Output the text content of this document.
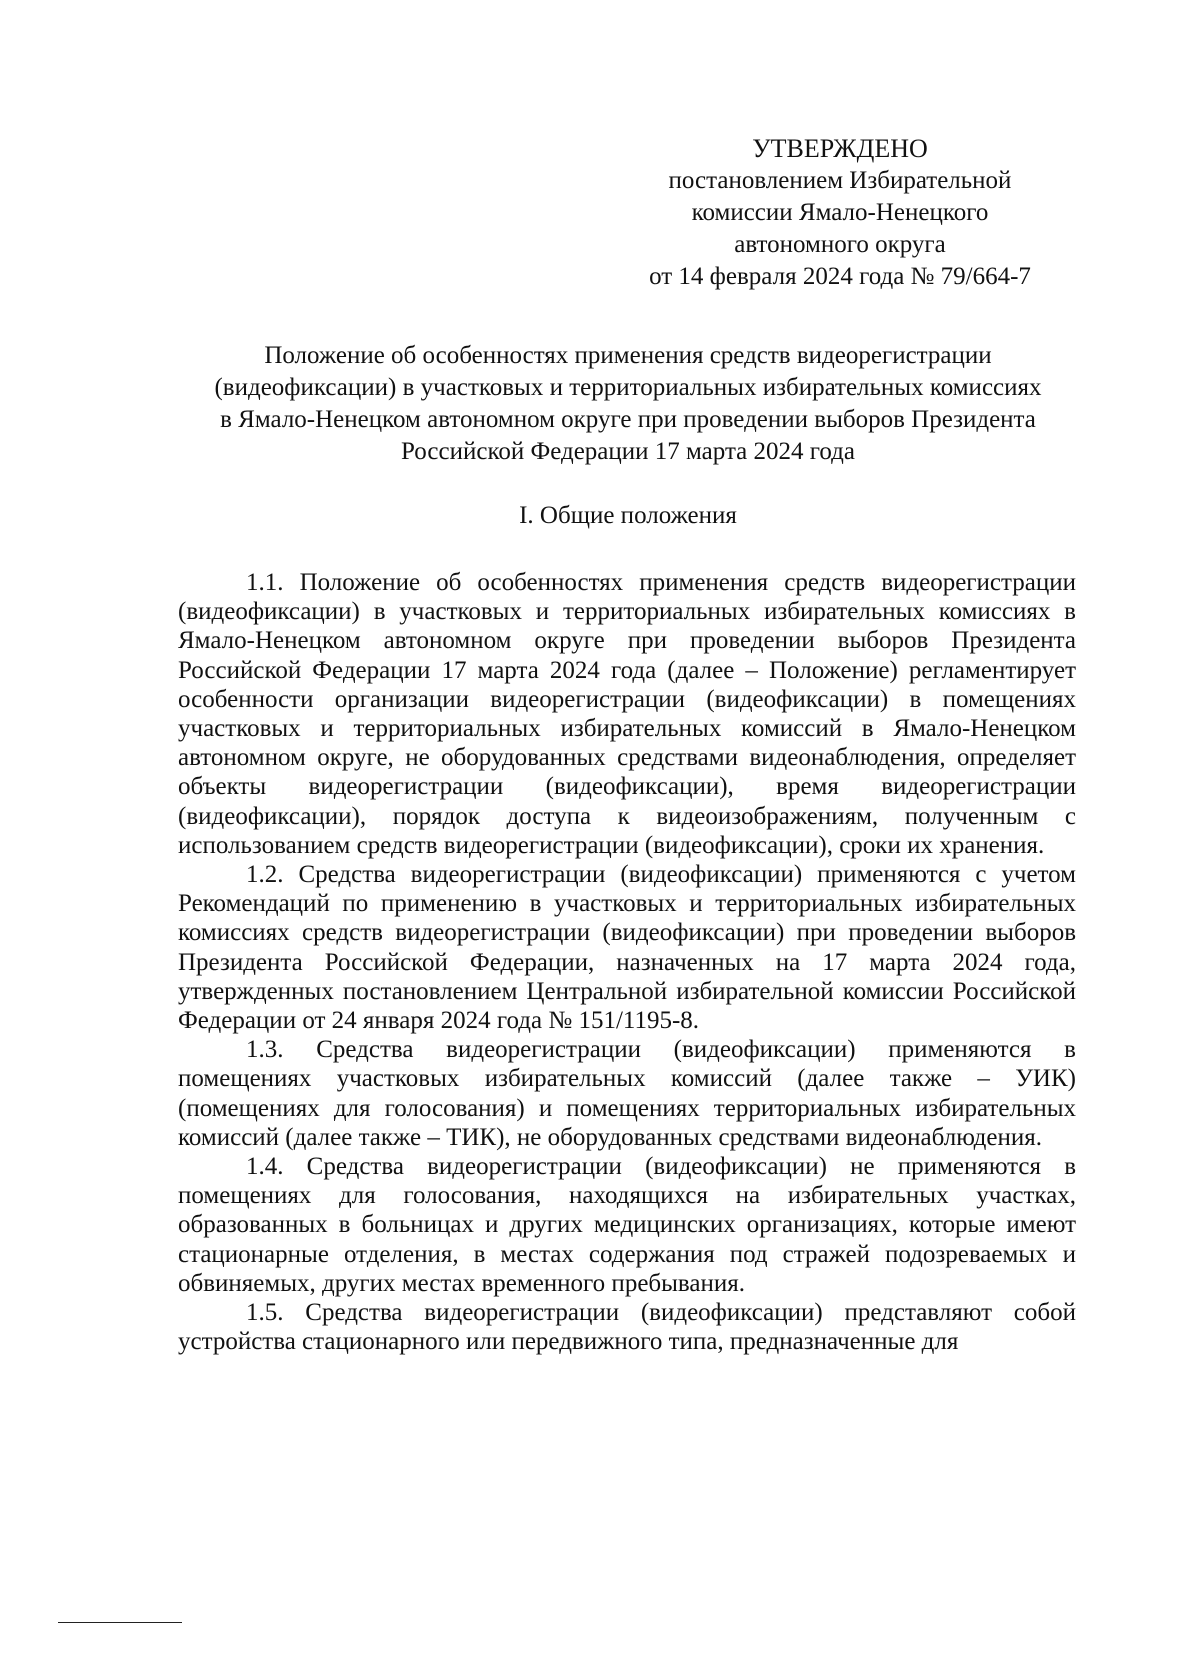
УТВЕРЖДЕНО
постановлением Избирательной
комиссии Ямало-Ненецкого
автономного округа
от 14 февраля 2024 года № 79/664-7
Положение об особенностях применения средств видеорегистрации
(видеофиксации) в участковых и территориальных избирательных комиссиях
в Ямало-Ненецком автономном округе при проведении выборов Президента
Российской Федерации 17 марта 2024 года
I. Общие положения

1.1. Положение об особенностях применения средств видеорегистрации (видеофиксации) в участковых и территориальных избирательных комиссиях в Ямало-Ненецком автономном округе при проведении выборов Президента Российской Федерации 17 марта 2024 года (далее – Положение) регламентирует особенности организации видеорегистрации (видеофиксации) в помещениях участковых и территориальных избирательных комиссий в Ямало-Ненецком автономном округе, не оборудованных средствами видеонаблюдения, определяет объекты видеорегистрации (видеофиксации), время видеорегистрации (видеофиксации), порядок доступа к видеоизображениям, полученным с использованием средств видеорегистрации (видеофиксации), сроки их хранения.

1.2. Средства видеорегистрации (видеофиксации) применяются с учетом Рекомендаций по применению в участковых и территориальных избирательных комиссиях средств видеорегистрации (видеофиксации) при проведении выборов Президента Российской Федерации, назначенных на 17 марта 2024 года, утвержденных постановлением Центральной избирательной комиссии Российской Федерации от 24 января 2024 года № 151/1195-8.

1.3. Средства видеорегистрации (видеофиксации) применяются в помещениях участковых избирательных комиссий (далее также – УИК) (помещениях для голосования) и помещениях территориальных избирательных комиссий (далее также – ТИК), не оборудованных средствами видеонаблюдения.

1.4. Средства видеорегистрации (видеофиксации) не применяются в помещениях для голосования, находящихся на избирательных участках, образованных в больницах и других медицинских организациях, которые имеют стационарные отделения, в местах содержания под стражей подозреваемых и обвиняемых, других местах временного пребывания.

1.5. Средства видеорегистрации (видеофиксации) представляют собой устройства стационарного или передвижного типа, предназначенные для
